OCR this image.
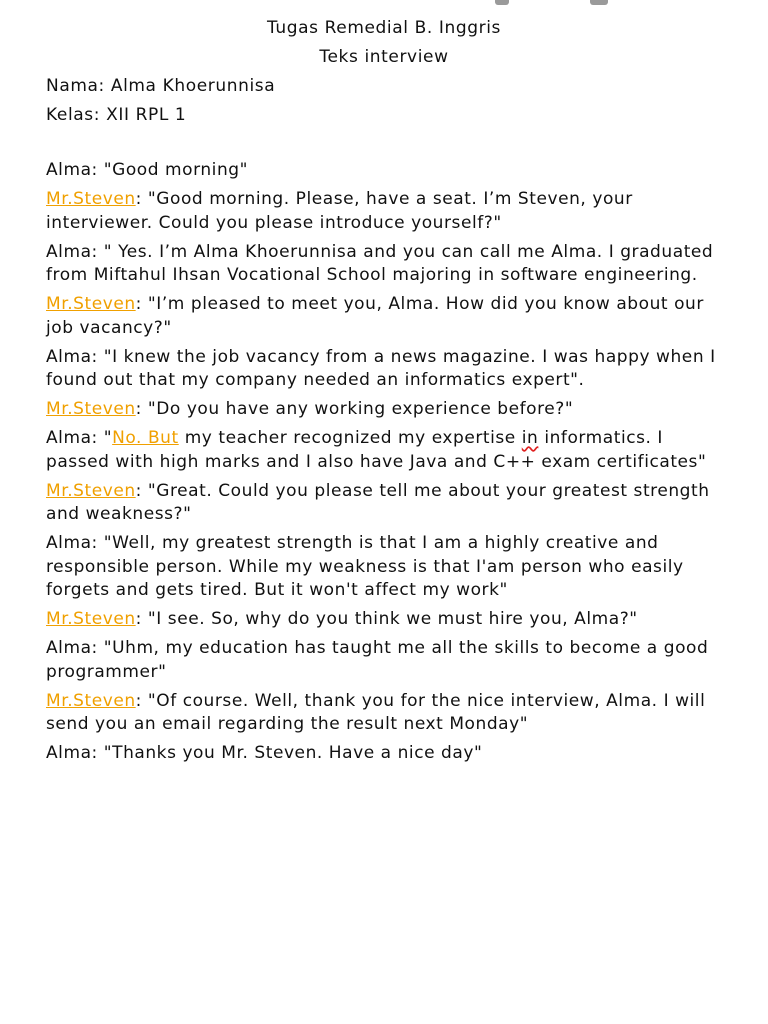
Tugas Remedial B. Inggris
Teks interview
Nama: Alma Khoerunnisa
Kelas: XII RPL 1

Alma: "Good morning"

Mr.Steven: "Good morning. Please, have a seat. I’m Steven, your interviewer. Could you please introduce yourself?"

Alma: " Yes. I’m Alma Khoerunnisa and you can call me Alma. I graduated from Miftahul Ihsan Vocational School majoring in software engineering.

Mr.Steven: "I’m pleased to meet you, Alma. How did you know about our job vacancy?"

Alma: "I knew the job vacancy from a news magazine. I was happy when I found out that my company needed an informatics expert".

Mr.Steven: "Do you have any working experience before?"

Alma: "No. But my teacher recognized my expertise in informatics. I passed with high marks and I also have Java and C++ exam certificates"

Mr.Steven: "Great. Could you please tell me about your greatest strength and weakness?"

Alma: "Well, my greatest strength is that I am a highly creative and responsible person. While my weakness is that I'am person who easily forgets and gets tired. But it won't affect my work"

Mr.Steven: "I see. So, why do you think we must hire you, Alma?"

Alma: "Uhm, my education has taught me all the skills to become a good programmer"

Mr.Steven: "Of course. Well, thank you for the nice interview, Alma. I will send you an email regarding the result next Monday"

Alma: "Thanks you Mr. Steven. Have a nice day"
